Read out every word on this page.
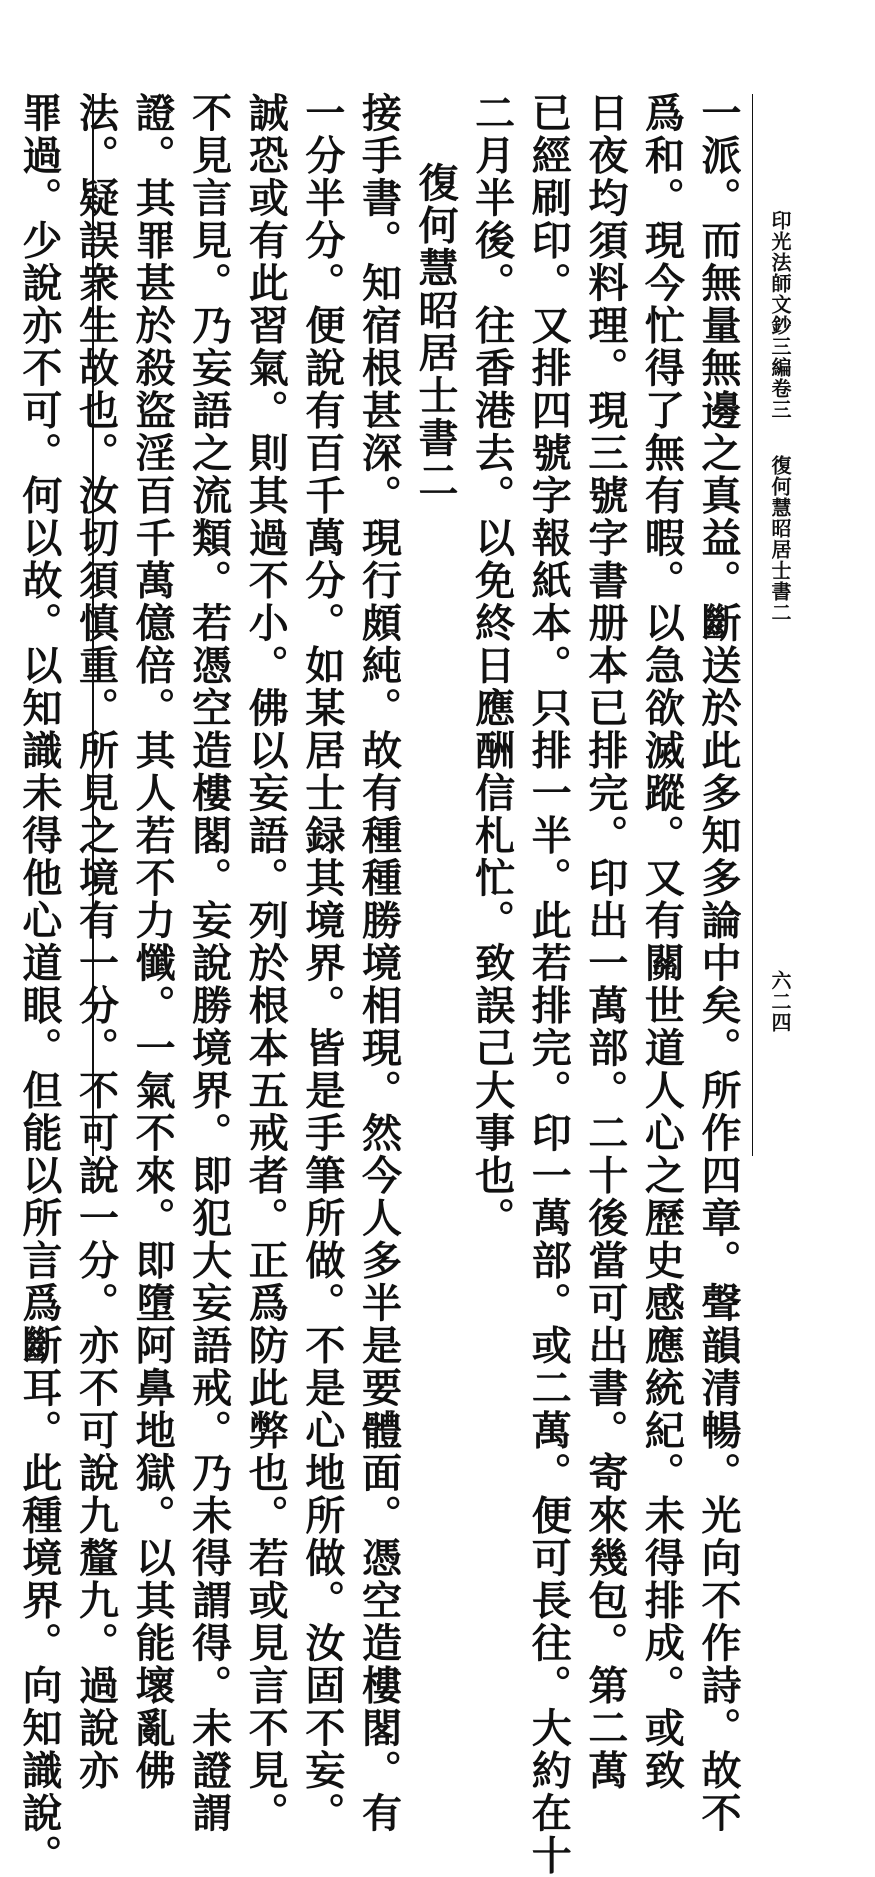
印光法師文鈔三編卷三
復何慧昭居士書二
六二四
一派。而無量無邊之真益。斷送於此多知多論中矣。所作四章。聲韻清暢。光向不作詩。故不
爲和。現今忙得了無有暇。以急欲滅蹤。又有關世道人心之歷史感應統紀。未得排成。或致
日夜均須料理。現三號字書册本已排完。印出一萬部。二十後當可出書。寄來幾包。第二萬
已經刷印。又排四號字報紙本。只排一半。此若排完。印一萬部。或二萬。便可長往。大約在十
二月半後。往香港去。以免終日應酬信札忙。致誤己大事也。
復何慧昭居士書二
接手書。知宿根甚深。現行頗純。故有種種勝境相現。然今人多半是要體面。憑空造樓閣。有
一分半分。便說有百千萬分。如某居士録其境界。皆是手筆所做。不是心地所做。汝固不妄。
誠恐或有此習氣。則其過不小。佛以妄語。列於根本五戒者。正爲防此弊也。若或見言不見。
不見言見。乃妄語之流類。若憑空造樓閣。妄說勝境界。即犯大妄語戒。乃未得謂得。未證謂
證。其罪甚於殺盜淫百千萬億倍。其人若不力懺。一氣不來。即墮阿鼻地獄。以其能壞亂佛
法。疑誤衆生故也。汝切須慎重。所見之境有一分。不可說一分。亦不可說九釐九。過說亦
罪過。少說亦不可。何以故。以知識未得他心道眼。但能以所言爲斷耳。此種境界。向知識說。
